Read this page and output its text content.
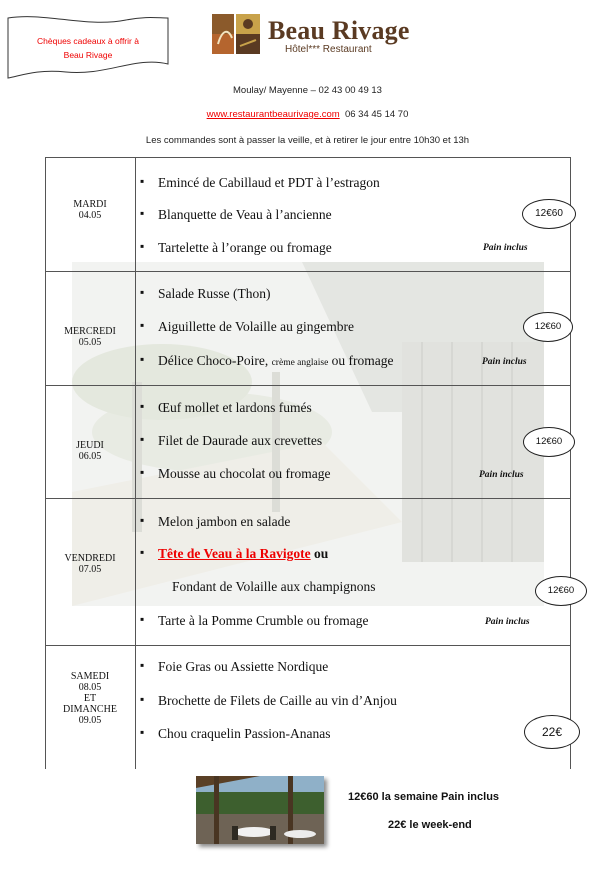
Chèques cadeaux à offrir à
Beau Rivage
Beau Rivage
Hôtel*** Restaurant
Moulay/ Mayenne – 02 43 00 49 13
www.restaurantbeaurivage.com 06 34 45 14 70
Les commandes sont à passer la veille, et à retirer le jour entre 10h30 et 13h
MARDI
04.05
▪ Emincé de Cabillaud et PDT à l’estragon
▪ Blanquette de Veau à l’ancienne
▪ Tartelette à l’orange ou fromage
12€60
Pain inclus
MERCREDI
05.05
▪ Salade Russe (Thon)
▪ Aiguillette de Volaille au gingembre
▪ Délice Choco-Poire, crème anglaise ou fromage
12€60
Pain inclus
JEUDI
06.05
▪ Œuf mollet et lardons fumés
▪ Filet de Daurade aux crevettes
▪ Mousse au chocolat ou fromage
12€60
Pain inclus
VENDREDI
07.05
▪ Melon jambon en salade
▪ Tête de Veau à la Ravigote ou
Fondant de Volaille aux champignons
▪ Tarte à la Pomme Crumble ou fromage
12€60
Pain inclus
SAMEDI
08.05
ET
DIMANCHE
09.05
▪ Foie Gras ou Assiette Nordique
▪ Brochette de Filets de Caille au vin d’Anjou
▪ Chou craquelin Passion-Ananas	22€
12€60 la semaine Pain inclus
22€ le week-end
